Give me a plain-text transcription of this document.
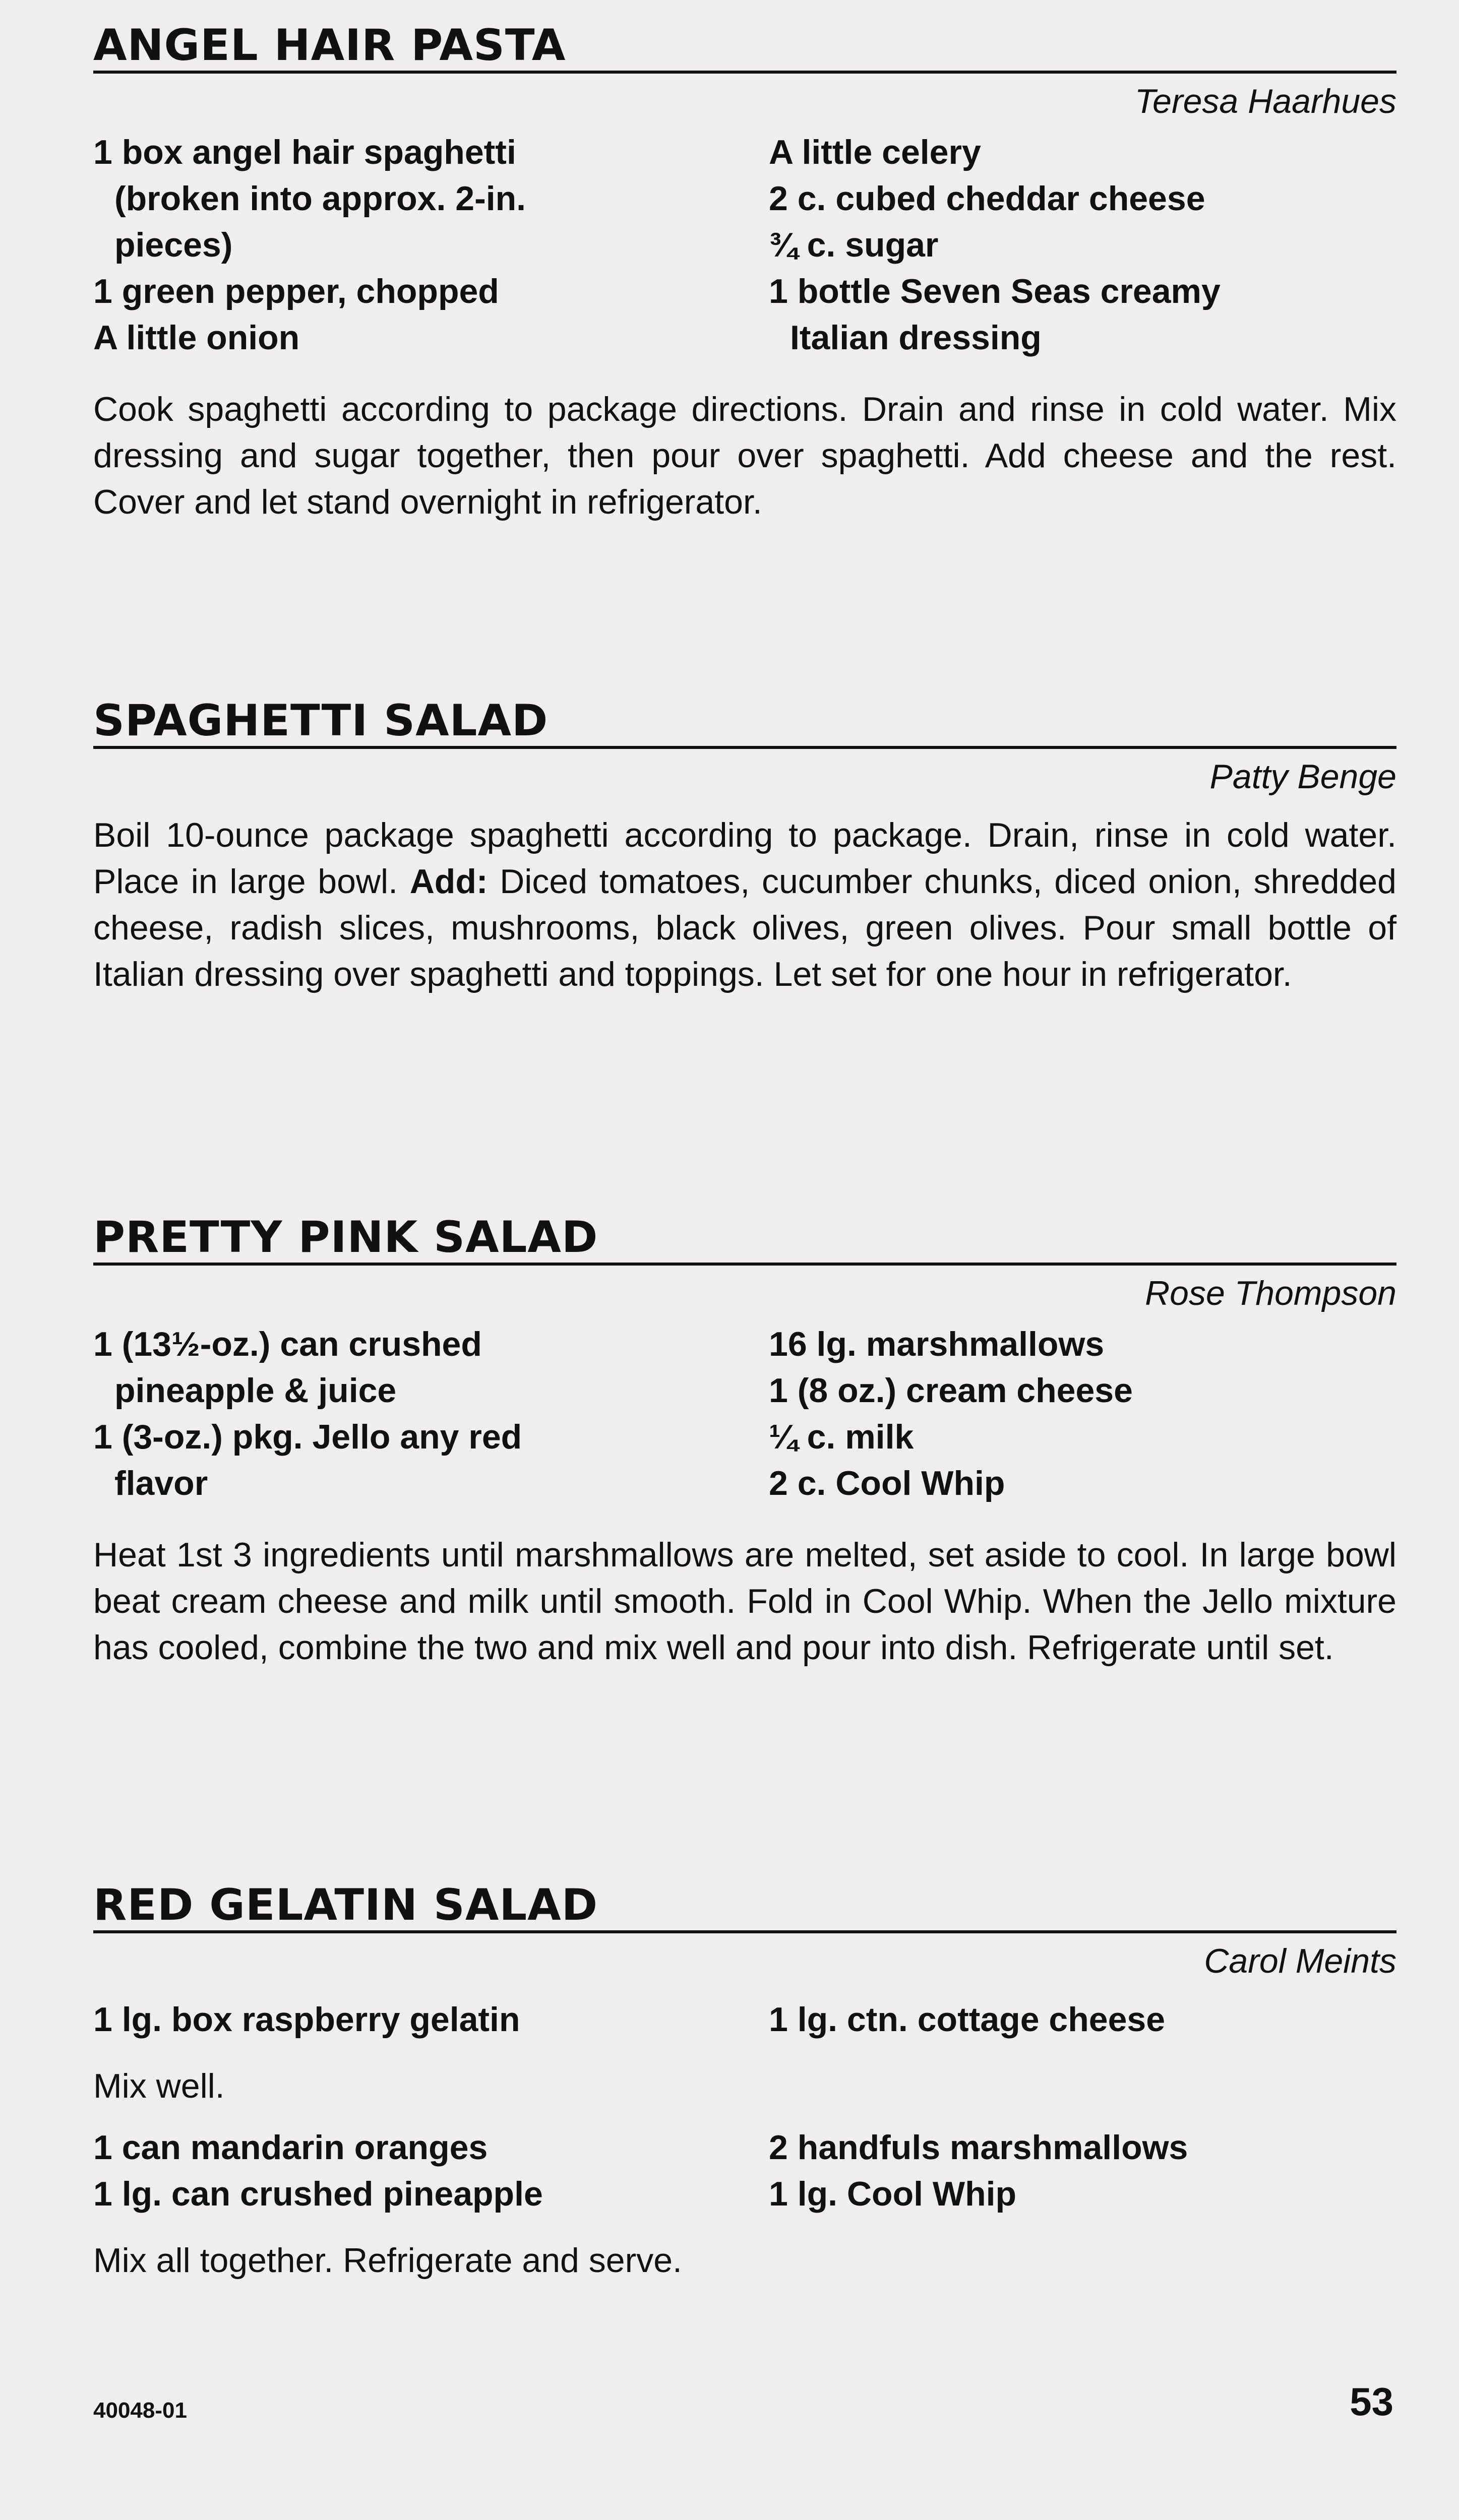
ANGEL HAIR PASTA
Teresa Haarhues
1 box angel hair spaghetti
(broken into approx. 2-in.
pieces)
1 green pepper, chopped
A little onion
A little celery
2 c. cubed cheddar cheese
¾ c. sugar
1 bottle Seven Seas creamy
Italian dressing
Cook spaghetti according to package directions. Drain and rinse in cold water. Mix dressing and sugar together, then pour over spaghetti. Add cheese and the rest. Cover and let stand overnight in refrigerator.
SPAGHETTI SALAD
Patty Benge
Boil 10-ounce package spaghetti according to package. Drain, rinse in cold water. Place in large bowl. Add: Diced tomatoes, cucumber chunks, diced onion, shredded cheese, radish slices, mushrooms, black olives, green olives. Pour small bottle of Italian dressing over spaghetti and toppings. Let set for one hour in refrigerator.
PRETTY PINK SALAD
Rose Thompson
1 (13½-oz.) can crushed
pineapple & juice
1 (3-oz.) pkg. Jello any red
flavor
16 lg. marshmallows
1 (8 oz.) cream cheese
¼ c. milk
2 c. Cool Whip
Heat 1st 3 ingredients until marshmallows are melted, set aside to cool. In large bowl beat cream cheese and milk until smooth. Fold in Cool Whip. When the Jello mixture has cooled, combine the two and mix well and pour into dish. Refrigerate until set.
RED GELATIN SALAD
Carol Meints
1 lg. box raspberry gelatin	1 lg. ctn. cottage cheese
Mix well.
1 can mandarin oranges
1 lg. can crushed pineapple
2 handfuls marshmallows
1 lg. Cool Whip
Mix all together. Refrigerate and serve.
40048-01	53
